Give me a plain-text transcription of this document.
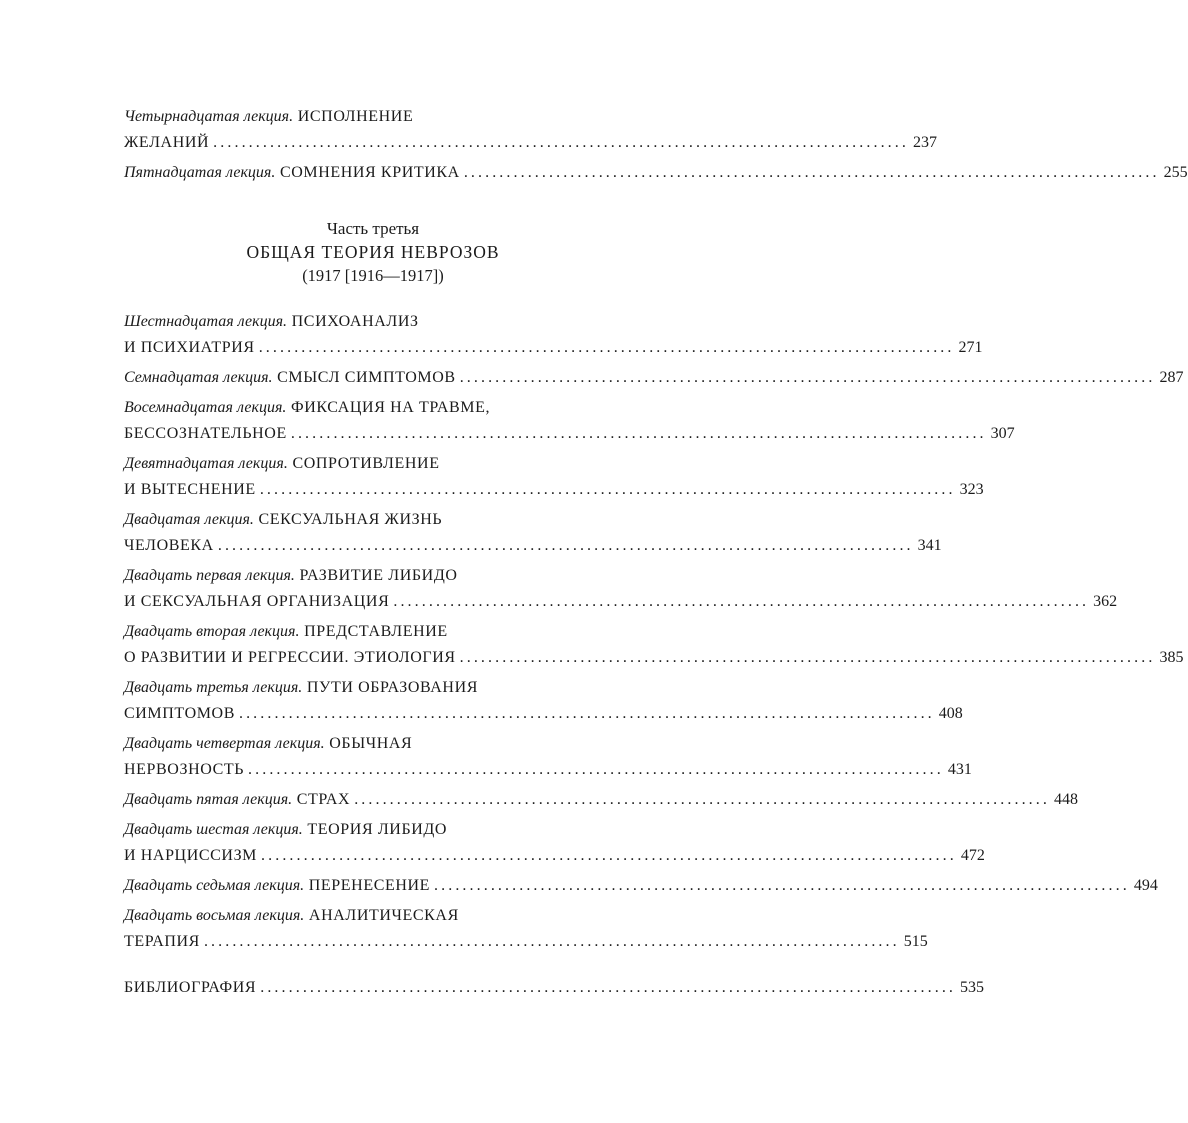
Четырнадцатая лекция. ИСПОЛНЕНИЕ
ЖЕЛАНИЙ .................................................................................................. 237
Пятнадцатая лекция. СОМНЕНИЯ КРИТИКА .................................................................................................. 255
Часть третья
ОБЩАЯ ТЕОРИЯ НЕВРОЗОВ
(1917 [1916—1917])
Шестнадцатая лекция. ПСИХОАНАЛИЗ
И ПСИХИАТРИЯ .................................................................................................. 271
Семнадцатая лекция. СМЫСЛ СИМПТОМОВ .................................................................................................. 287
Восемнадцатая лекция. ФИКСАЦИЯ НА ТРАВМЕ,
БЕССОЗНАТЕЛЬНОЕ .................................................................................................. 307
Девятнадцатая лекция. СОПРОТИВЛЕНИЕ
И ВЫТЕСНЕНИЕ .................................................................................................. 323
Двадцатая лекция. СЕКСУАЛЬНАЯ ЖИЗНЬ
ЧЕЛОВЕКА .................................................................................................. 341
Двадцать первая лекция. РАЗВИТИЕ ЛИБИДО
И СЕКСУАЛЬНАЯ ОРГАНИЗАЦИЯ .................................................................................................. 362
Двадцать вторая лекция. ПРЕДСТАВЛЕНИЕ
О РАЗВИТИИ И РЕГРЕССИИ. ЭТИОЛОГИЯ .................................................................................................. 385
Двадцать третья лекция. ПУТИ ОБРАЗОВАНИЯ
СИМПТОМОВ .................................................................................................. 408
Двадцать четвертая лекция. ОБЫЧНАЯ
НЕРВОЗНОСТЬ .................................................................................................. 431
Двадцать пятая лекция. СТРАХ .................................................................................................. 448
Двадцать шестая лекция. ТЕОРИЯ ЛИБИДО
И НАРЦИССИЗМ .................................................................................................. 472
Двадцать седьмая лекция. ПЕРЕНЕСЕНИЕ .................................................................................................. 494
Двадцать восьмая лекция. АНАЛИТИЧЕСКАЯ
ТЕРАПИЯ .................................................................................................. 515
БИБЛИОГРАФИЯ .................................................................................................. 535
